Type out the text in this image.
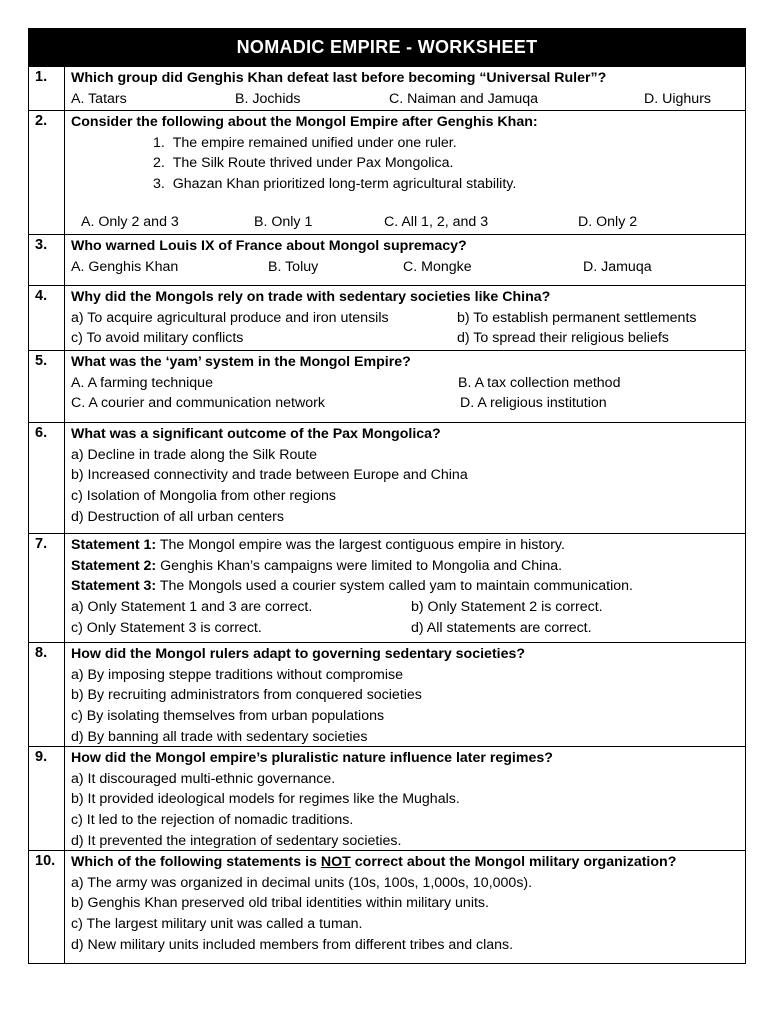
NOMADIC EMPIRE - WORKSHEET
1.	Which group did Genghis Khan defeat last before becoming “Universal Ruler”?
A. Tatars	B. Jochids	C. Naiman and Jamuqa	D. Uighurs
2.	Consider the following about the Mongol Empire after Genghis Khan:
1.  The empire remained unified under one ruler.
2.  The Silk Route thrived under Pax Mongolica.
3.  Ghazan Khan prioritized long-term agricultural stability.
A. Only 2 and 3	B. Only 1	C. All 1, 2, and 3	D. Only 2
3.	Who warned Louis IX of France about Mongol supremacy?
A. Genghis Khan	B. Toluy	C. Mongke	D. Jamuqa
4.	Why did the Mongols rely on trade with sedentary societies like China?
a) To acquire agricultural produce and iron utensils	b) To establish permanent settlements
c) To avoid military conflicts	d) To spread their religious beliefs
5.	What was the ‘yam’ system in the Mongol Empire?
A. A farming technique	B. A tax collection method
C. A courier and communication network	D. A religious institution
6.	What was a significant outcome of the Pax Mongolica?
a) Decline in trade along the Silk Route
b) Increased connectivity and trade between Europe and China
c) Isolation of Mongolia from other regions
d) Destruction of all urban centers
7.	Statement 1: The Mongol empire was the largest contiguous empire in history.
Statement 2: Genghis Khan’s campaigns were limited to Mongolia and China.
Statement 3: The Mongols used a courier system called yam to maintain communication.
a) Only Statement 1 and 3 are correct.	b) Only Statement 2 is correct.
c) Only Statement 3 is correct.	d) All statements are correct.
8.	How did the Mongol rulers adapt to governing sedentary societies?
a) By imposing steppe traditions without compromise
b) By recruiting administrators from conquered societies
c) By isolating themselves from urban populations
d) By banning all trade with sedentary societies
9.	How did the Mongol empire’s pluralistic nature influence later regimes?
a) It discouraged multi-ethnic governance.
b) It provided ideological models for regimes like the Mughals.
c) It led to the rejection of nomadic traditions.
d) It prevented the integration of sedentary societies.
10.	Which of the following statements is NOT correct about the Mongol military organization?
a) The army was organized in decimal units (10s, 100s, 1,000s, 10,000s).
b) Genghis Khan preserved old tribal identities within military units.
c) The largest military unit was called a tuman.
d) New military units included members from different tribes and clans.
